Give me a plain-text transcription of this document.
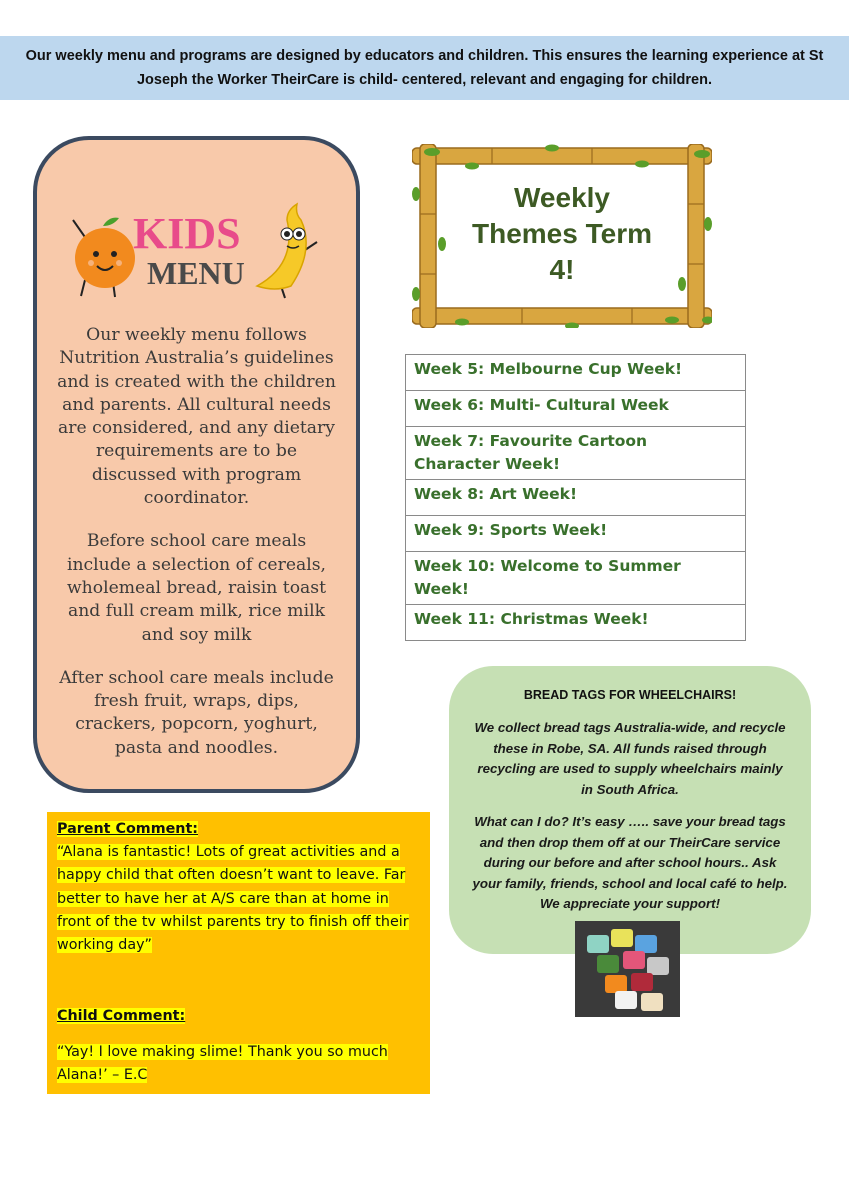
Our weekly menu and programs are designed by educators and children. This ensures the learning experience at St Joseph the Worker TheirCare is child- centered, relevant and engaging for children.
KIDS
MENU

Our weekly menu follows Nutrition Australia’s guidelines and is created with the children and parents. All cultural needs are considered, and any dietary requirements are to be discussed with program coordinator.

Before school care meals include a selection of cereals, wholemeal bread, raisin toast and full cream milk, rice milk and soy milk

After school care meals include fresh fruit, wraps, dips, crackers, popcorn, yoghurt, pasta and noodles.

Weekly
Themes Term
4!
Week 5: Melbourne Cup Week!
Week 6: Multi- Cultural Week
Week 7: Favourite Cartoon Character Week!
Week 8: Art Week!
Week 9: Sports Week!
Week 10: Welcome to Summer Week!
Week 11: Christmas Week!
BREAD TAGS FOR WHEELCHAIRS!
We collect bread tags Australia-wide, and recycle these in Robe, SA. All funds raised through recycling are used to supply wheelchairs mainly in South Africa.
What can I do? It’s easy ….. save your bread tags and then drop them off at our TheirCare service during our before and after school hours.. Ask your family, friends, school and local café to help. We appreciate your support!
Parent Comment:
“Alana is fantastic! Lots of great activities and a happy child that often doesn’t want to leave. Far better to have her at A/S care than at home in front of the tv whilst parents try to finish off their working day”
Child Comment:
“Yay! I love making slime! Thank you so much Alana!’ – E.C
